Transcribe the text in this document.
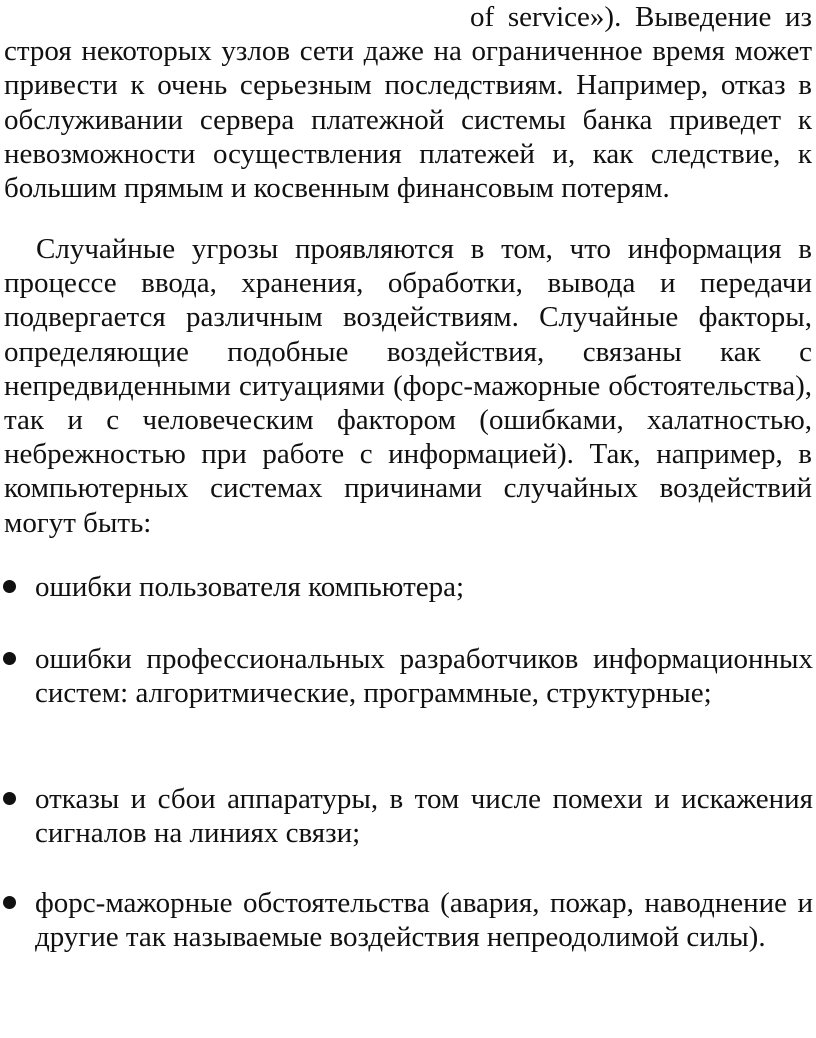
of service»). Выведение из строя некоторых узлов сети даже на ограниченное время может привести к очень серьезным последствиям. Например, отказ в обслуживании сервера платежной системы банка приведет к невозможности осуществления платежей и, как следствие, к большим прямым и косвенным финансовым потерям.

Случайные угрозы проявляются в том, что информация в процессе ввода, хранения, обработки, вывода и передачи подвергается различным воздействиям. Случайные факторы, определяющие подобные воздействия, связаны как с непредвиденными ситуациями (форс-мажорные обстоятельства), так и с человеческим фактором (ошибками, халатностью, небрежностью при работе с информацией). Так, например, в компьютерных системах причинами случайных воздействий могут быть:

ошибки пользователя компьютера;

ошибки профессиональных разработчиков информационных систем: алгоритмические, программные, структурные;

отказы и сбои аппаратуры, в том числе помехи и искажения сигналов на линиях связи;

форс-мажорные обстоятельства (авария, пожар, наводнение и другие так называемые воздействия непреодолимой силы).
